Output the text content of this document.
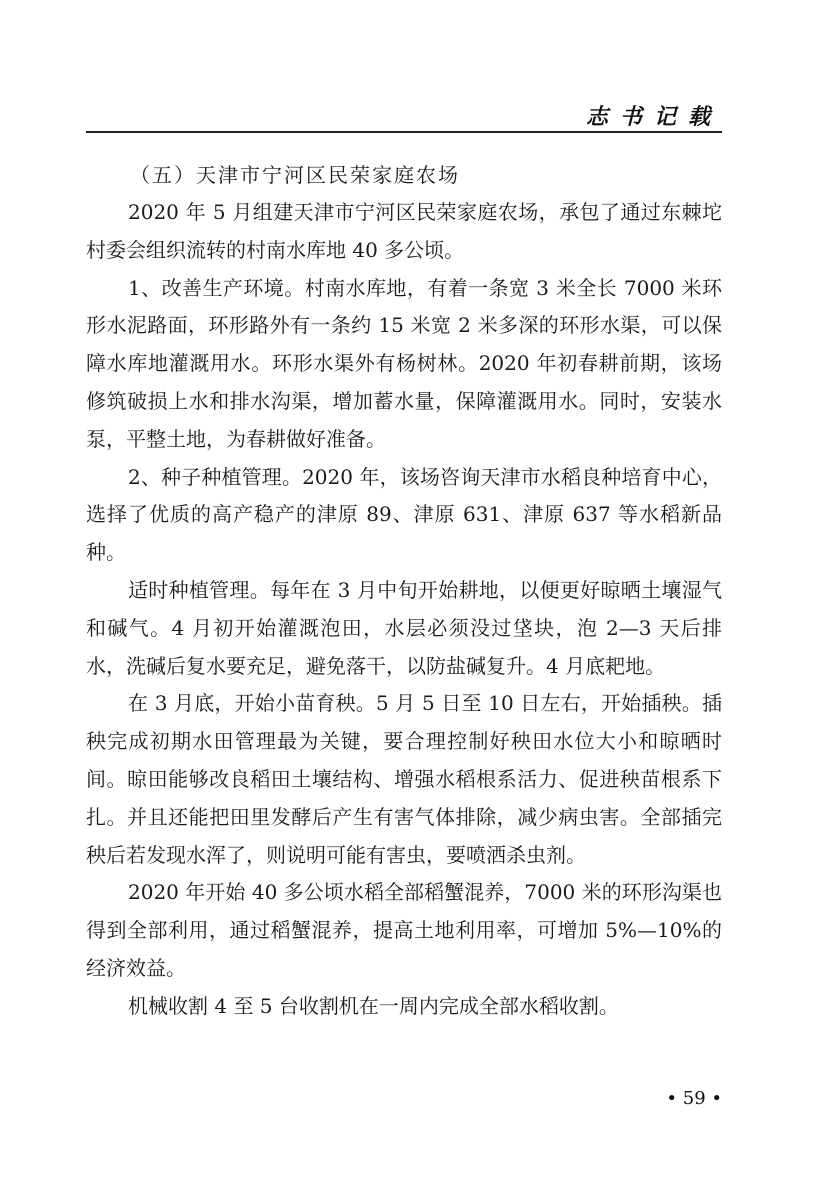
志书记载

（五）天津市宁河区民荣家庭农场

2020 年 5 月组建天津市宁河区民荣家庭农场，承包了通过东棘坨村委会组织流转的村南水库地 40 多公顷。

1、改善生产环境。村南水库地，有着一条宽 3 米全长 7000 米环形水泥路面，环形路外有一条约 15 米宽 2 米多深的环形水渠，可以保障水库地灌溉用水。环形水渠外有杨树林。2020 年初春耕前期，该场修筑破损上水和排水沟渠，增加蓄水量，保障灌溉用水。同时，安装水泵，平整土地，为春耕做好准备。

2、种子种植管理。2020 年，该场咨询天津市水稻良种培育中心，选择了优质的高产稳产的津原 89、津原 631、津原 637 等水稻新品种。

适时种植管理。每年在 3 月中旬开始耕地，以便更好晾晒土壤湿气和碱气。4 月初开始灌溉泡田，水层必须没过垡块，泡 2—3 天后排水，洗碱后复水要充足，避免落干，以防盐碱复升。4 月底耙地。

在 3 月底，开始小苗育秧。5 月 5 日至 10 日左右，开始插秧。插秧完成初期水田管理最为关键，要合理控制好秧田水位大小和晾晒时间。晾田能够改良稻田土壤结构、增强水稻根系活力、促进秧苗根系下扎。并且还能把田里发酵后产生有害气体排除，减少病虫害。全部插完秧后若发现水浑了，则说明可能有害虫，要喷洒杀虫剂。

2020 年开始 40 多公顷水稻全部稻蟹混养，7000 米的环形沟渠也得到全部利用，通过稻蟹混养，提高土地利用率，可增加 5%—10%的经济效益。

机械收割 4 至 5 台收割机在一周内完成全部水稻收割。

• 59 •
